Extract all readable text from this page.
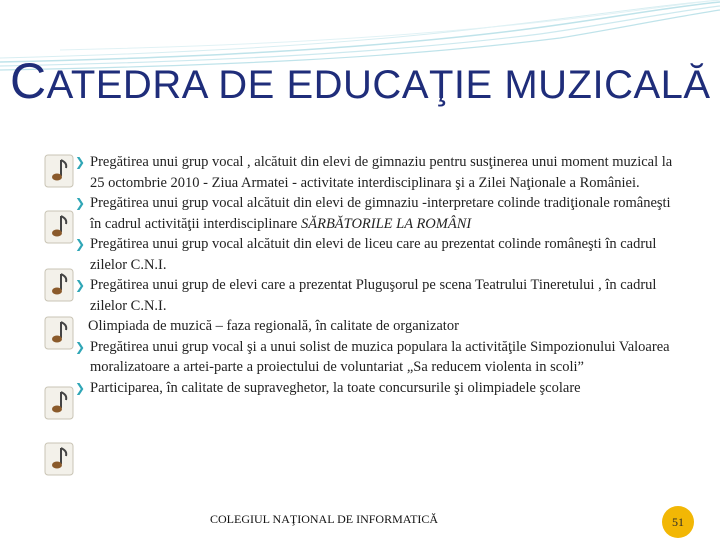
CATEDRA DE EDUCAŢIE MUZICALĂ
❯ Pregătirea unui grup vocal , alcătuit din elevi de gimnaziu pentru susţinerea unui moment muzical la 25 octombrie 2010 - Ziua Armatei - activitate interdisciplinara şi a Zilei Naţionale a României.
❯ Pregătirea unui grup vocal alcătuit din elevi de gimnaziu -interpretare colinde tradiţionale româneşti în cadrul activităţii interdisciplinare SĂRBĂTORILE LA ROMÂNI
❯ Pregătirea unui grup vocal alcătuit din elevi de liceu care au prezentat colinde româneşti în cadrul zilelor C.N.I.
❯ Pregătirea unui grup de elevi care a prezentat Pluguşorul pe scena Teatrului Tineretului , în cadrul zilelor C.N.I.
Olimpiada de muzică – faza regională, în calitate de organizator
❯ Pregătirea unui grup vocal şi a unui solist de muzica populara la activităţile Simpozionului Valoarea moralizatoare a artei-parte a proiectului de voluntariat „Sa reducem violenta in scoli”
❯ Participarea, în calitate de supraveghetor, la toate concursurile şi olimpiadele şcolare
COLEGIUL NAŢIONAL DE INFORMATICĂ	51
